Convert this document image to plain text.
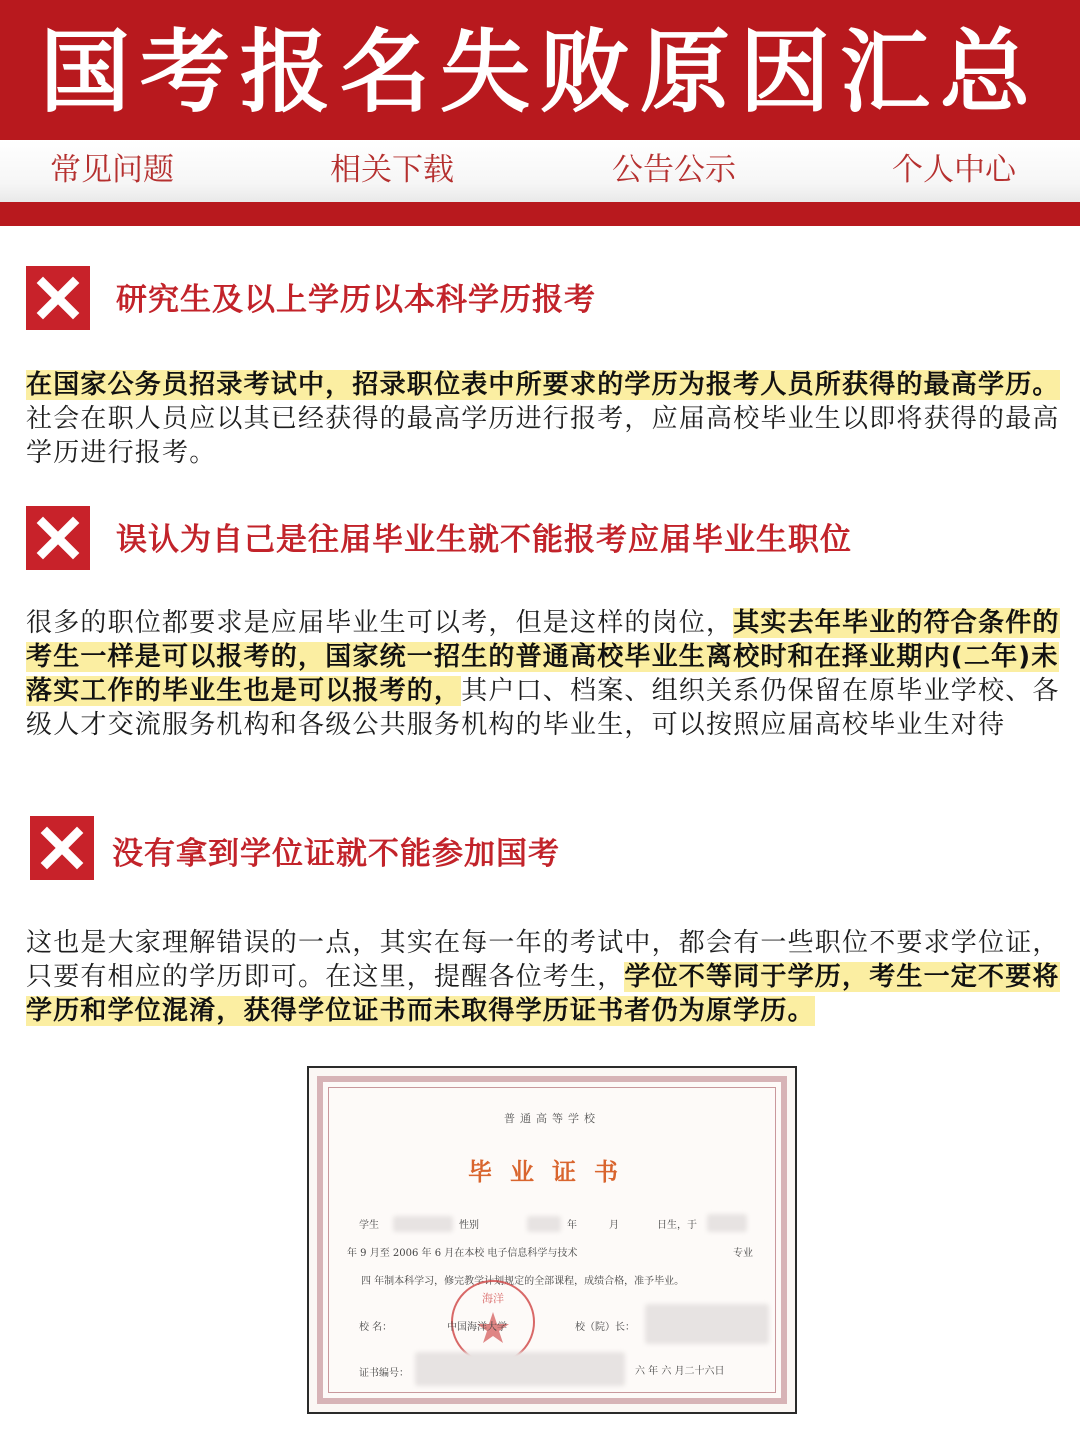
国考报名失败原因汇总
常见问题	相关下载	公告公示	个人中心
研究生及以上学历以本科学历报考
在国家公务员招录考试中，招录职位表中所要求的学历为报考人员所获得的最高学历。社会在职人员应以其已经获得的最高学历进行报考，应届高校毕业生以即将获得的最高学历进行报考。
误认为自己是往届毕业生就不能报考应届毕业生职位
很多的职位都要求是应届毕业生可以考，但是这样的岗位，其实去年毕业的符合条件的考生一样是可以报考的，国家统一招生的普通高校毕业生离校时和在择业期内(二年)未落实工作的毕业生也是可以报考的，其户口、档案、组织关系仍保留在原毕业学校、各级人才交流服务机构和各级公共服务机构的毕业生，可以按照应届高校毕业生对待
没有拿到学位证就不能参加国考
这也是大家理解错误的一点，其实在每一年的考试中，都会有一些职位不要求学位证，只要有相应的学历即可。在这里，提醒各位考生，学位不等同于学历，考生一定不要将学历和学位混淆，获得学位证书而未取得学历证书者仍为原学历。
普通高等学校
毕业证书
学生	性别	年	月	日生，于
年 9 月至 2006 年 6 月在本校 电子信息科学与技术	专业
四 年制本科学习，修完教学计划规定的全部课程，成绩合格，准予毕业。
海洋
校 名：	中国海洋大学	校（院）长：
证书编号：	六 年 六 月二十六日
